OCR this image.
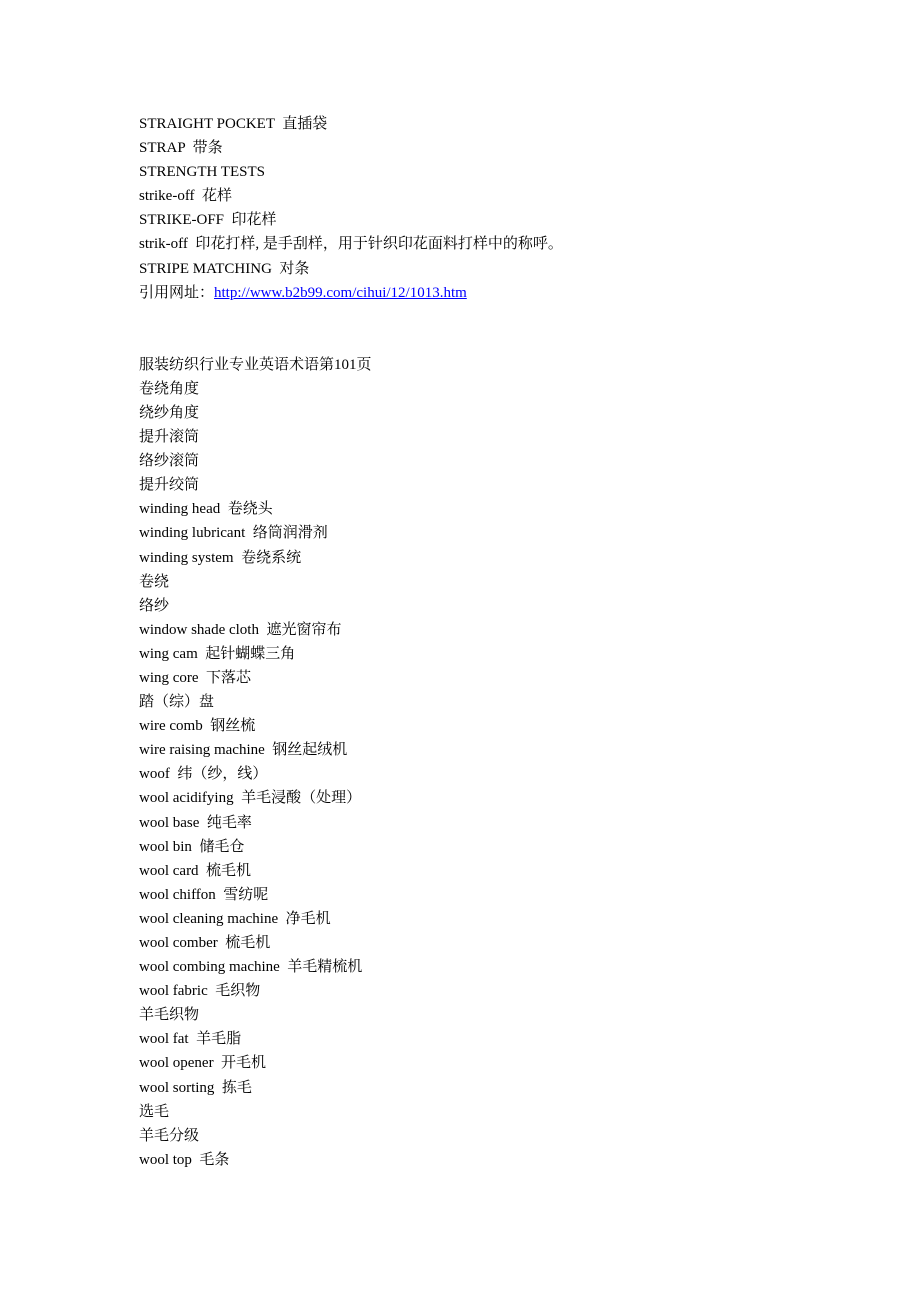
STRAIGHT POCKET  直插袋

STRAP  带条

STRENGTH TESTS

strike-off  花样

STRIKE-OFF  印花样

strik-off  印花打样, 是手刮样，用于针织印花面料打样中的称呼。

STRIPE MATCHING  对条

引用网址：http://www.b2b99.com/cihui/12/1013.htm

服装纺织行业专业英语术语第101页

卷绕角度

绕纱角度

提升滚筒

络纱滚筒

提升绞筒

winding head  卷绕头

winding lubricant  络筒润滑剂

winding system  卷绕系统

卷绕

络纱

window shade cloth  遮光窗帘布

wing cam  起针蝴蝶三角

wing core  下落芯

踏（综）盘

wire comb  钢丝梳

wire raising machine  钢丝起绒机

woof  纬（纱，线）

wool acidifying  羊毛浸酸（处理）

wool base  纯毛率

wool bin  储毛仓

wool card  梳毛机

wool chiffon  雪纺呢

wool cleaning machine  净毛机

wool comber  梳毛机

wool combing machine  羊毛精梳机

wool fabric  毛织物

羊毛织物

wool fat  羊毛脂

wool opener  开毛机

wool sorting  拣毛

选毛

羊毛分级

wool top  毛条
